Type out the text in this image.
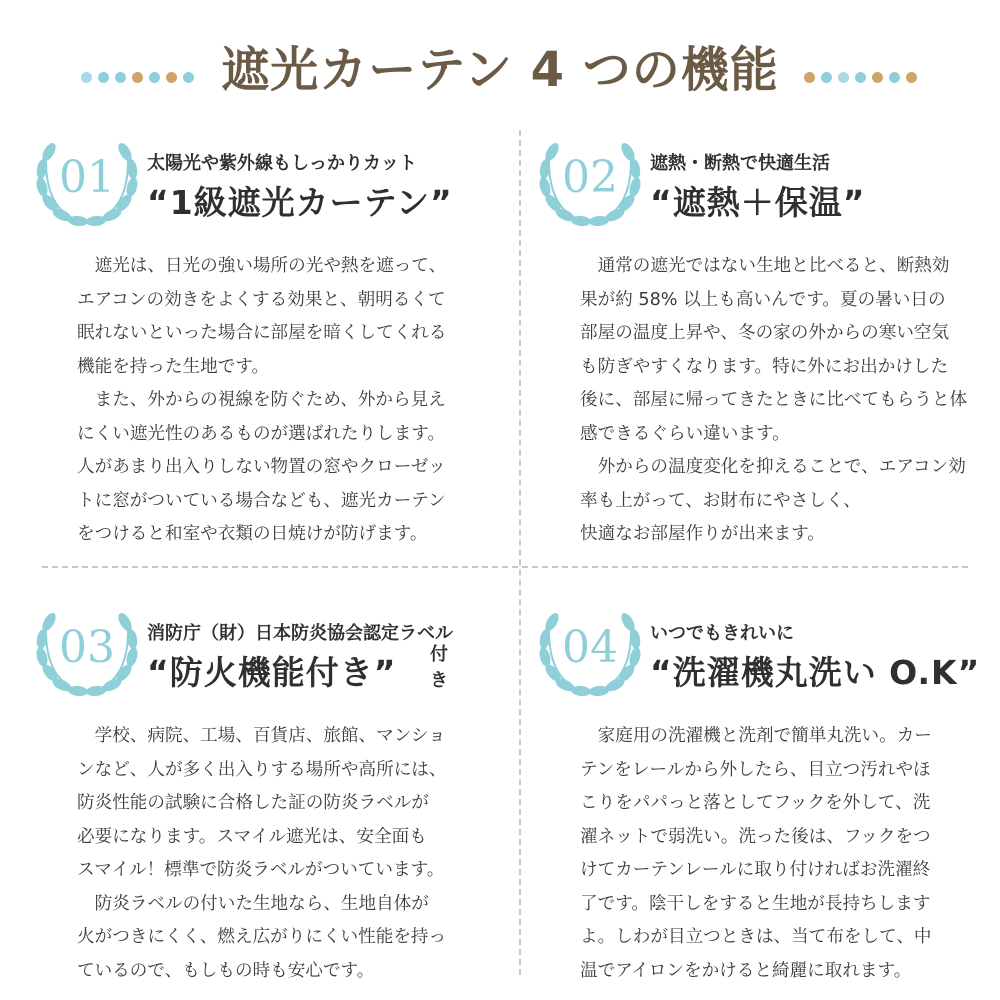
遮光カーテン 4 つの機能
01	太陽光や紫外線もしっかりカット
“1級遮光カーテン”

　遮光は、日光の強い場所の光や熱を遮って、

エアコンの効きをよくする効果と、朝明るくて

眠れないといった場合に部屋を暗くしてくれる

機能を持った生地です。

　また、外からの視線を防ぐため、外から見え

にくい遮光性のあるものが選ばれたりします。

人があまり出入りしない物置の窓やクローゼッ

トに窓がついている場合なども、遮光カーテン

をつけると和室や衣類の日焼けが防げます。

02	遮熱・断熱で快適生活
“遮熱＋保温”

　通常の遮光ではない生地と比べると、断熱効

果が約 58% 以上も高いんです。夏の暑い日の

部屋の温度上昇や、冬の家の外からの寒い空気

も防ぎやすくなります。特に外にお出かけした

後に、部屋に帰ってきたときに比べてもらうと体

感できるぐらい違います。

　外からの温度変化を抑えることで、エアコン効

率も上がって、お財布にやさしく、

快適なお部屋作りが出来ます。

03	消防庁（財）日本防炎協会認定ラベル
付き
“防火機能付き”

　学校、病院、工場、百貨店、旅館、マンショ

ンなど、人が多く出入りする場所や高所には、

防炎性能の試験に合格した証の防炎ラベルが

必要になります。スマイル遮光は、安全面も

スマイル！標準で防炎ラベルがついています。

　防炎ラベルの付いた生地なら、生地自体が

火がつきにくく、燃え広がりにくい性能を持っ

ているので、もしもの時も安心です。

04	いつでもきれいに
“洗濯機丸洗い O.K”

　家庭用の洗濯機と洗剤で簡単丸洗い。カー

テンをレールから外したら、目立つ汚れやほ

こりをパパっと落としてフックを外して、洗

濯ネットで弱洗い。洗った後は、フックをつ

けてカーテンレールに取り付ければお洗濯終

了です。陰干しをすると生地が長持ちします

よ。しわが目立つときは、当て布をして、中

温でアイロンをかけると綺麗に取れます。
